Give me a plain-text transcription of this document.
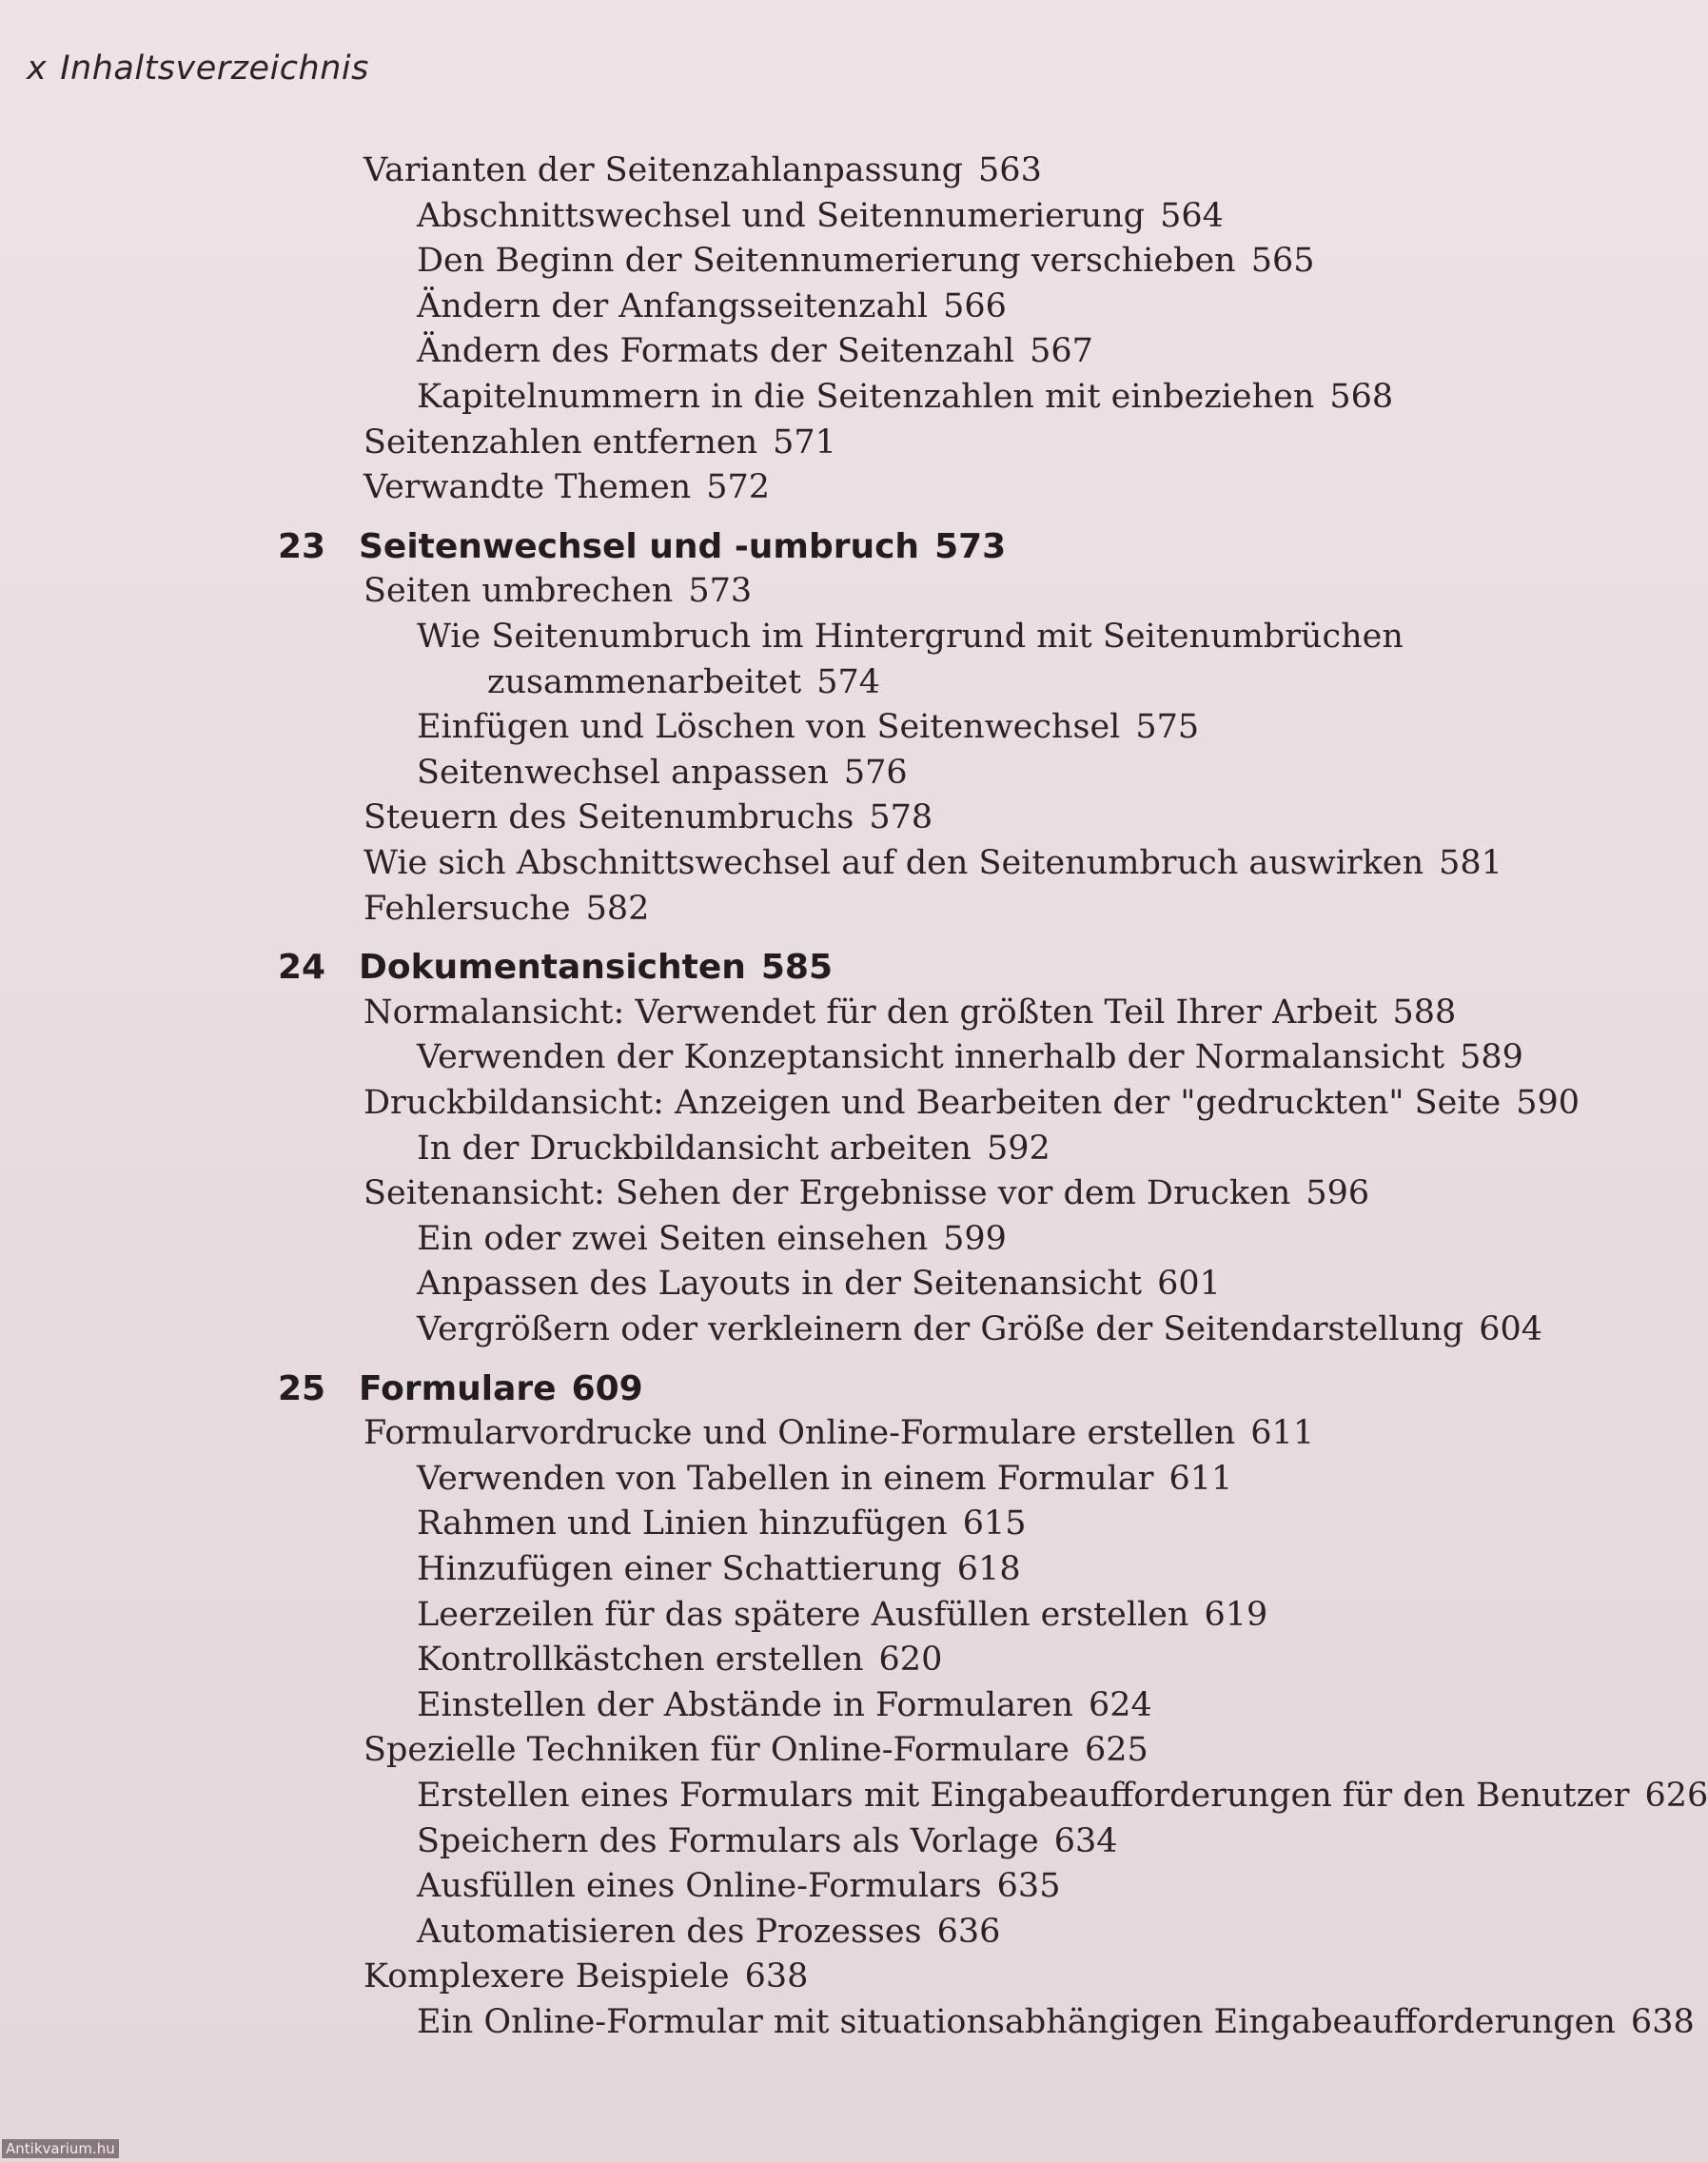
x Inhaltsverzeichnis
Varianten der Seitenzahlanpassung 563
Abschnittswechsel und Seitennumerierung 564
Den Beginn der Seitennumerierung verschieben 565
Ändern der Anfangsseitenzahl 566
Ändern des Formats der Seitenzahl 567
Kapitelnummern in die Seitenzahlen mit einbeziehen 568
Seitenzahlen entfernen 571
Verwandte Themen 572
23 Seitenwechsel und -umbruch 573
Seiten umbrechen 573
Wie Seitenumbruch im Hintergrund mit Seitenumbrüchen
zusammenarbeitet 574
Einfügen und Löschen von Seitenwechsel 575
Seitenwechsel anpassen 576
Steuern des Seitenumbruchs 578
Wie sich Abschnittswechsel auf den Seitenumbruch auswirken 581
Fehlersuche 582
24 Dokumentansichten 585
Normalansicht: Verwendet für den größten Teil Ihrer Arbeit 588
Verwenden der Konzeptansicht innerhalb der Normalansicht 589
Druckbildansicht: Anzeigen und Bearbeiten der "gedruckten" Seite 590
In der Druckbildansicht arbeiten 592
Seitenansicht: Sehen der Ergebnisse vor dem Drucken 596
Ein oder zwei Seiten einsehen 599
Anpassen des Layouts in der Seitenansicht 601
Vergrößern oder verkleinern der Größe der Seitendarstellung 604
25 Formulare 609
Formularvordrucke und Online-Formulare erstellen 611
Verwenden von Tabellen in einem Formular 611
Rahmen und Linien hinzufügen 615
Hinzufügen einer Schattierung 618
Leerzeilen für das spätere Ausfüllen erstellen 619
Kontrollkästchen erstellen 620
Einstellen der Abstände in Formularen 624
Spezielle Techniken für Online-Formulare 625
Erstellen eines Formulars mit Eingabeaufforderungen für den Benutzer 626
Speichern des Formulars als Vorlage 634
Ausfüllen eines Online-Formulars 635
Automatisieren des Prozesses 636
Komplexere Beispiele 638
Ein Online-Formular mit situationsabhängigen Eingabeaufforderungen 638
Antikvarium.hu
